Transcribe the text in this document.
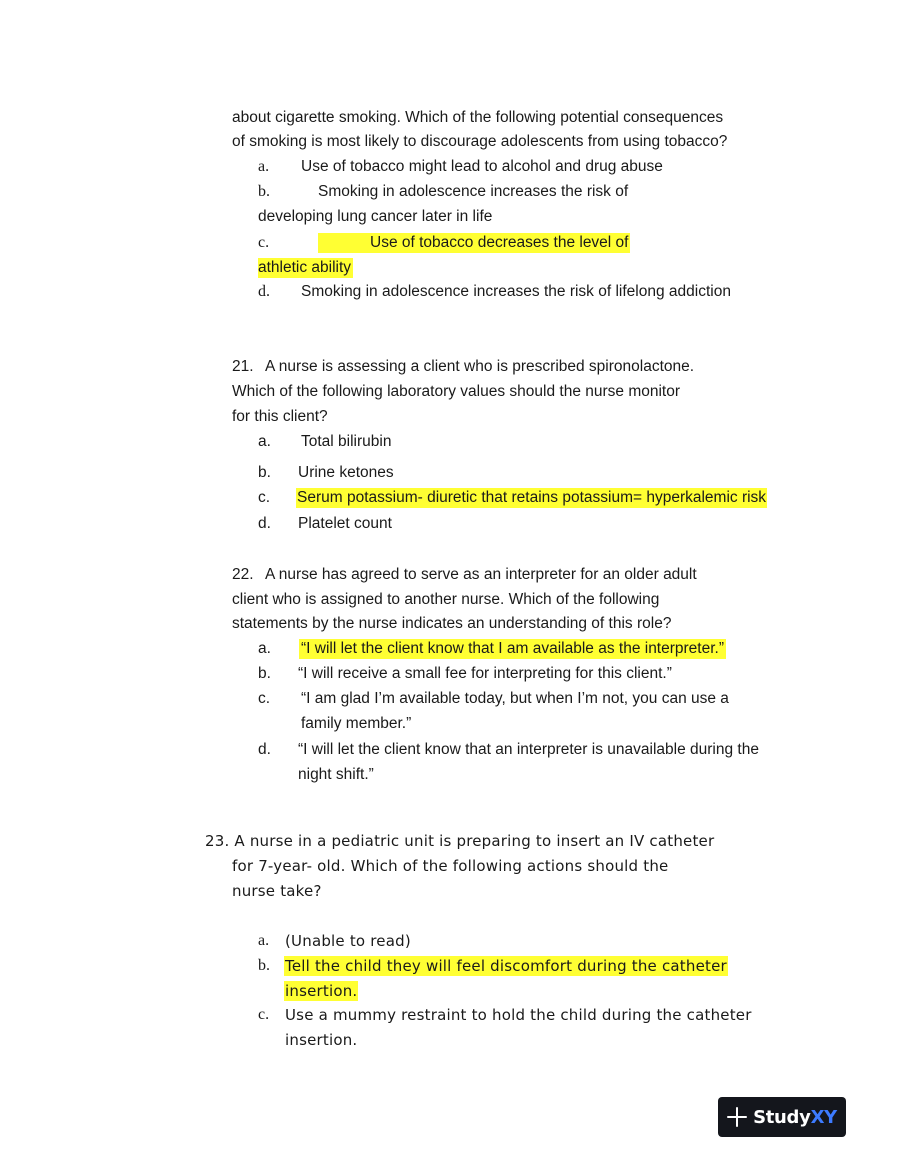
about cigarette smoking. Which of the following potential consequences
of smoking is most likely to discourage adolescents from using tobacco?
a. Use of tobacco might lead to alcohol and drug abuse
b.	Smoking in adolescence increases the risk of
developing lung cancer later in life
c.	Use of tobacco decreases the level of
athletic ability
d. Smoking in adolescence increases the risk of lifelong addiction
21. A nurse is assessing a client who is prescribed spironolactone.
Which of the following laboratory values should the nurse monitor
for this client?
a. Total bilirubin
b. Urine ketones
c. Serum potassium- diuretic that retains potassium= hyperkalemic risk
d. Platelet count
22. A nurse has agreed to serve as an interpreter for an older adult
client who is assigned to another nurse. Which of the following
statements by the nurse indicates an understanding of this role?
a. “I will let the client know that I am available as the interpreter.”
b. “I will receive a small fee for interpreting for this client.”
c. “I am glad I’m available today, but when I’m not, you can use a
family member.”
d. “I will let the client know that an interpreter is unavailable during the
night shift.”
23. A nurse in a pediatric unit is preparing to insert an IV catheter
for 7-year- old. Which of the following actions should the
nurse take?
a. (Unable to read)
b. Tell the child they will feel discomfort during the catheter
insertion.
c. Use a mummy restraint to hold the child during the catheter
insertion.
StudyXY
